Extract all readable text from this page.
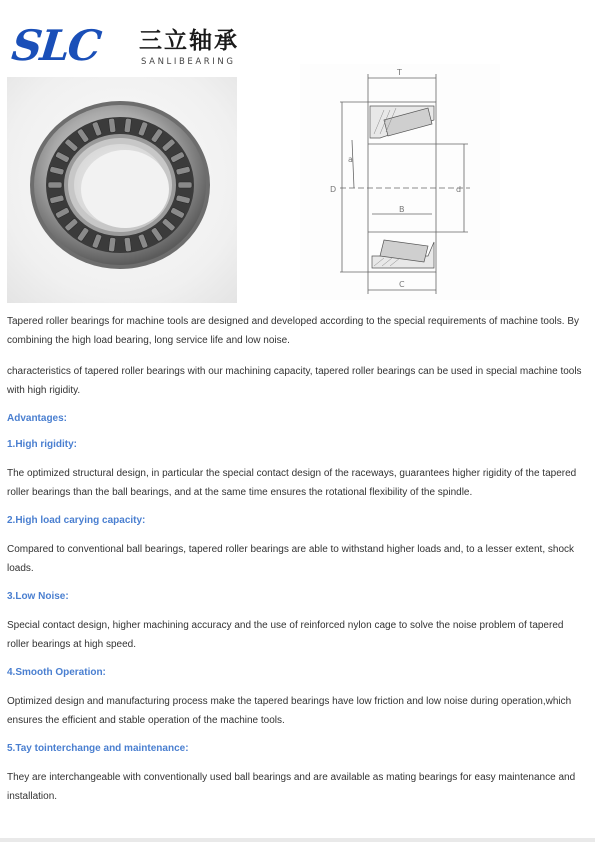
SLC 三立轴承
SANLIBEARING
T
a
D	d
B
C

Tapered roller bearings for machine tools are designed and developed according to the special requirements of machine tools. By combining the high load bearing, long service life and low noise.

characteristics of tapered roller bearings with our machining capacity, tapered roller bearings can be used in special machine tools with high rigidity.

Advantages:

1.High rigidity:

The optimized structural design, in particular the special contact design of the raceways, guarantees higher rigidity of the tapered roller bearings than the ball bearings, and at the same time ensures the rotational flexibility of the spindle.

2.High load carying capacity:

Compared to conventional ball bearings, tapered roller bearings are able to withstand higher loads and, to a lesser extent, shock loads.

3.Low Noise:

Special contact design, higher machining accuracy and the use of reinforced nylon cage to solve the noise problem of tapered roller bearings at high speed.

4.Smooth Operation:

Optimized design and manufacturing process make the tapered bearings have low friction and low noise during operation,which ensures the efficient and stable operation of the machine tools.

5.Tay tointerchange and maintenance:

They are interchangeable with conventionally used ball bearings and are available as mating bearings for easy maintenance and installation.
